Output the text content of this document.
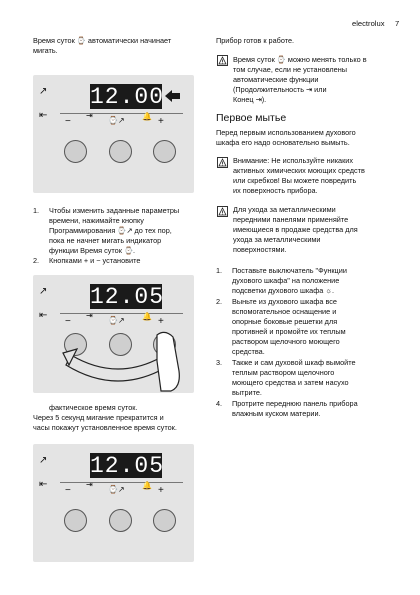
electrolux 7
Время суток ⌚ автоматически начинает
мигать.
↗
⇤
12.00
−
⇥
⌚↗ 🔔 +
1. Чтобы изменить заданные параметры
времени, нажимайте кнопку
Программирования ⌚↗ до тех пор,
пока не начнет мигать индикатор
функции Время суток ⌚.
2. Кнопками + и − установите
↗
⇤
12.05
−
⇥
⌚↗ 🔔 +
фактическое время суток.
Через 5 секунд мигание прекратится и
часы покажут установленное время суток.
↗
⇤
12.05
−
⇥
⌚↗ 🔔 +
Прибор готов к работе.
Время суток ⌚ можно менять только в
том случае, если не установлены
автоматические функции
(Продолжительность ⇥ или
Конец ⇥).
Первое мытье
Перед первым использованием духового
шкафа его надо основательно вымыть.
Внимание: Не используйте никаких
активных химических моющих средств
или скребков! Вы можете повредить
их поверхность прибора.
Для ухода за металлическими
передними панелями применяйте
имеющиеся в продаже средства для
ухода за металлическими
поверхностями.
1. Поставьте выключатель "Функции
духового шкафа" на положение
подсветки духового шкафа ☼.
2. Выньте из духового шкафа все
вспомогательное оснащение и
опорные боковые решетки для
противней и промойте их теплым
раствором щелочного моющего
средства.
3. Также и сам духовой шкаф вымойте
теплым раствором щелочного
моющего средства и затем насухо
вытрите.
4. Протрите переднюю панель прибора
влажным куском материи.
